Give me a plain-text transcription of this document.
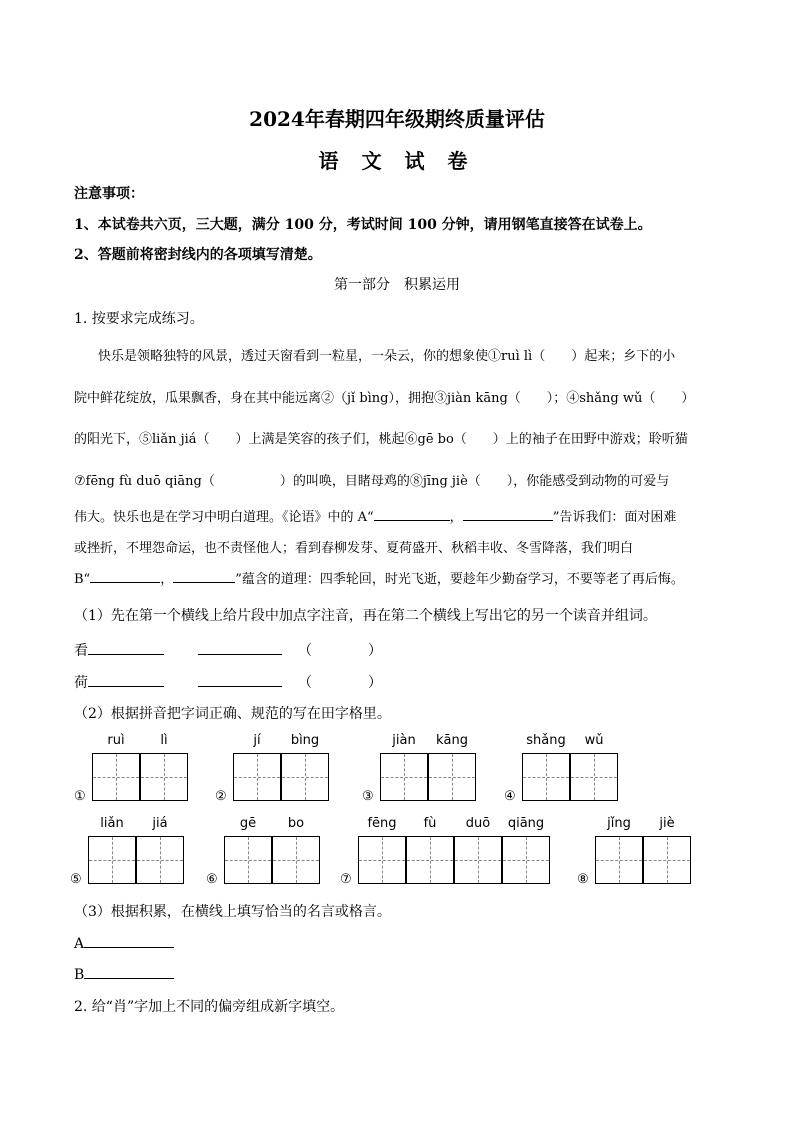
2024年春期四年级期终质量评估
语 文 试 卷
注意事项：
1、本试卷共六页，三大题，满分 100 分，考试时间 100 分钟，请用钢笔直接答在试卷上。
2、答题前将密封线内的各项填写清楚。
第一部分　积累运用
1. 按要求完成练习。
快乐是领略独特的风景，透过天窗看到一粒星，一朵云，你的想象使①ruì lì（　　）起来；乡下的小
院中鲜花绽放，瓜果飘香，身在其中能远离②（jǐ bìng），拥抱③jiàn kāng（　　）；④shǎng wǔ（　　）
的阳光下，⑤liǎn jiá（　　）上满是笑容的孩子们，桃起⑥gē bo（　　）上的袖子在田野中游戏；聆听猫
⑦fēng fù duō qiāng（　　　　　）的叫唤，目睹母鸡的⑧jīng jiè（　　），你能感受到动物的可爱与
伟大。快乐也是在学习中明白道理。《论语》中的 A“	，	”告诉我们：面对困难
或挫折，不埋怨命运，也不责怪他人；看到春柳发芽、夏荷盛开、秋稻丰收、冬雪降落，我们明白
B“	，	”蕴含的道理：四季轮回，时光飞逝，要趁年少勤奋学习，不要等老了再后悔。
（1）先在第一个横线上给片段中加点字注音，再在第二个横线上写出它的另一个读音并组词。
看	（　　　　）
荷	（　　　　）
（2）根据拼音把字词正确、规范的写在田字格里。
①
ruì	lì
②
jí	bìng
③
jiàn	kāng
④
shǎng	wǔ
⑤
liǎn	jiá
⑥
gē	bo
⑦
fēng	fù	duō	qiāng
⑧
jǐng	jiè
（3）根据积累，在横线上填写恰当的名言或格言。
A
B
2. 给“肖”字加上不同的偏旁组成新字填空。
